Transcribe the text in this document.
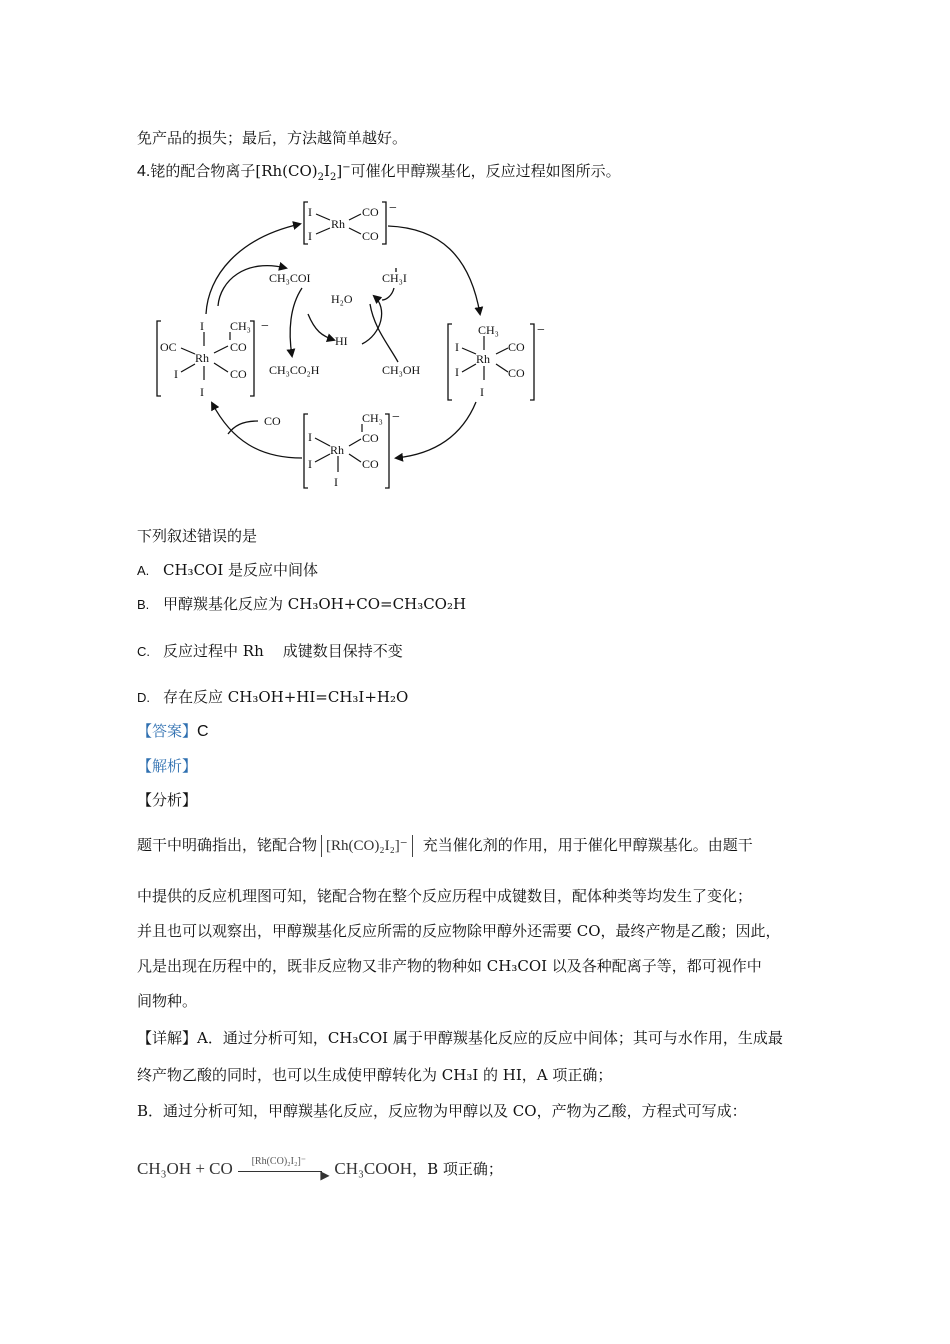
免产品的损失；最后，方法越简单越好。
4.铑的配合物离子$[Rh(CO)_2I_2]^-$可催化甲醇羰基化，反应过程如图所示。
I
I
Rh
CO
CO
−
CH₃
I
I
I
Rh
CO
CO
−
CH₃
I
I
I
Rh
CO
CO
−
OC
I CH₃
I
I
Rh
CO
CO
−
CH₃COI	CH₃I
H₂O
HI
CH₃CO₂H	CH₃OH
CO
下列叙述错误的是
A. CH₃COI 是反应中间体
B. 甲醇羰基化反应为 CH₃OH+CO=CH₃CO₂H
C. 反应过程中 Rh    成键数目保持不变
D. 存在反应 CH₃OH+HI=CH₃I+H₂O
【答案】C
【解析】
【分析】
题干中明确指出，铑配合物 [Rh(CO)₂I₂]⁻ 充当催化剂的作用，用于催化甲醇羰基化。由题干
中提供的反应机理图可知，铑配合物在整个反应历程中成键数目，配体种类等均发生了变化；
并且也可以观察出，甲醇羰基化反应所需的反应物除甲醇外还需要 CO，最终产物是乙酸；因此，
凡是出现在历程中的，既非反应物又非产物的物种如 CH₃COI 以及各种配离子等，都可视作中
间物种。
【详解】A．通过分析可知，CH₃COI 属于甲醇羰基化反应的反应中间体；其可与水作用，生成最
终产物乙酸的同时，也可以生成使甲醇转化为 CH₃I 的 HI，A 项正确；
B．通过分析可知，甲醇羰基化反应，反应物为甲醇以及 CO，产物为乙酸，方程式可写成：
CH₃OH + CO [Rh(CO)₂I₂]⁻
▶ CH₃COOH，B 项正确；
